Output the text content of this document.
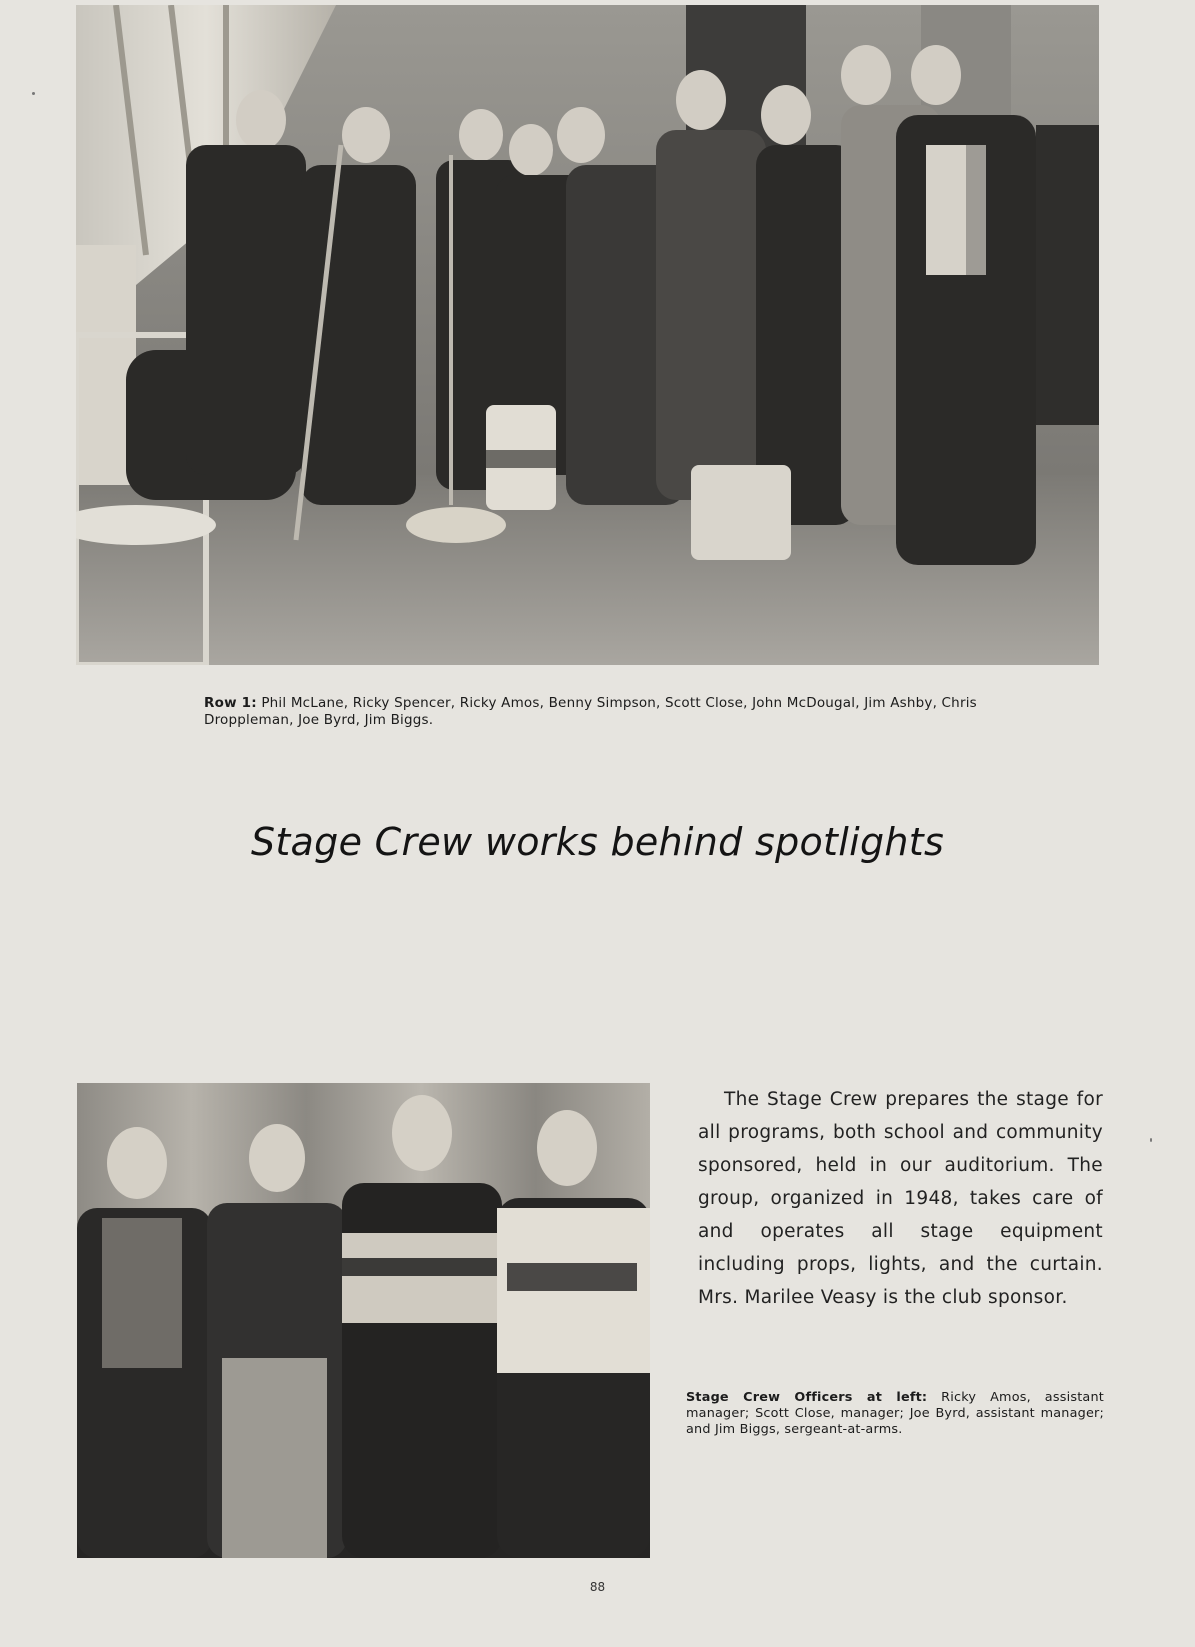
Row 1: Phil McLane, Ricky Spencer, Ricky Amos, Benny Simpson, Scott Close, John McDougal, Jim Ashby, Chris Droppleman, Joe Byrd, Jim Biggs.
Stage Crew works behind spotlights
The Stage Crew prepares the stage for all programs, both school and community sponsored, held in our auditorium. The group, organized in 1948, takes care of and operates all stage equipment including props, lights, and the curtain. Mrs. Marilee Veasy is the club sponsor.
Stage Crew Officers at left: Ricky Amos, assistant manager; Scott Close, manager; Joe Byrd, assistant manager; and Jim Biggs, sergeant-at-arms.
88
